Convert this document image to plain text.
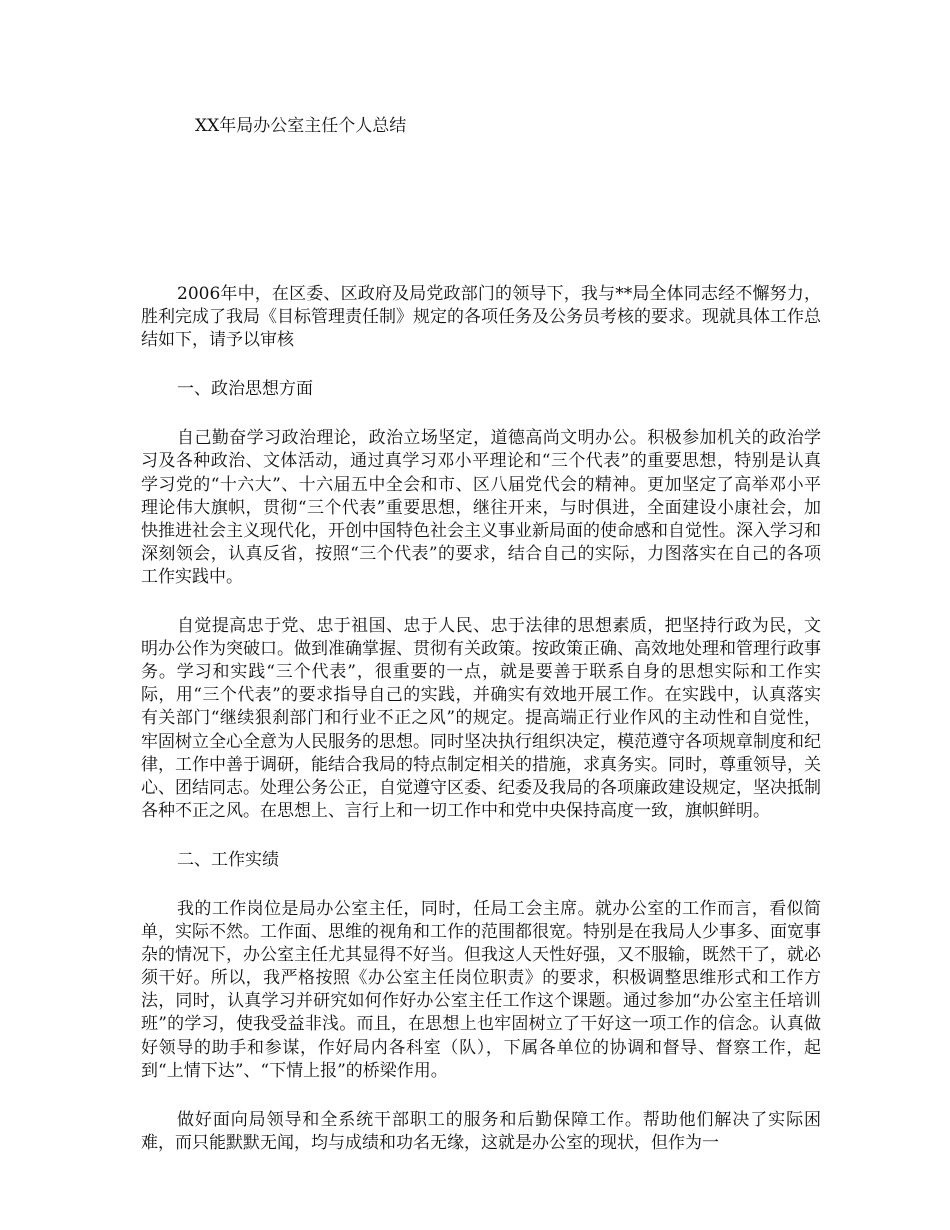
XX年局办公室主任个人总结

2006年中，在区委、区政府及局党政部门的领导下，我与**局全体同志经不懈努力，胜利完成了我局《目标管理责任制》规定的各项任务及公务员考核的要求。现就具体工作总结如下，请予以审核

一、政治思想方面

自己勤奋学习政治理论，政治立场坚定，道德高尚文明办公。积极参加机关的政治学习及各种政治、文体活动，通过真学习邓小平理论和“三个代表”的重要思想，特别是认真学习党的“十六大”、十六届五中全会和市、区八届党代会的精神。更加坚定了高举邓小平理论伟大旗帜，贯彻“三个代表”重要思想，继往开来，与时俱进，全面建设小康社会，加快推进社会主义现代化，开创中国特色社会主义事业新局面的使命感和自觉性。深入学习和深刻领会，认真反省，按照“三个代表”的要求，结合自己的实际，力图落实在自己的各项工作实践中。

自觉提高忠于党、忠于祖国、忠于人民、忠于法律的思想素质，把坚持行政为民，文明办公作为突破口。做到准确掌握、贯彻有关政策。按政策正确、高效地处理和管理行政事务。学习和实践“三个代表”，很重要的一点，就是要善于联系自身的思想实际和工作实际，用“三个代表”的要求指导自己的实践，并确实有效地开展工作。在实践中，认真落实有关部门“继续狠刹部门和行业不正之风”的规定。提高端正行业作风的主动性和自觉性，牢固树立全心全意为人民服务的思想。同时坚决执行组织决定，模范遵守各项规章制度和纪律，工作中善于调研，能结合我局的特点制定相关的措施，求真务实。同时，尊重领导，关心、团结同志。处理公务公正，自觉遵守区委、纪委及我局的各项廉政建设规定，坚决抵制各种不正之风。在思想上、言行上和一切工作中和党中央保持高度一致，旗帜鲜明。

二、工作实绩

我的工作岗位是局办公室主任，同时，任局工会主席。就办公室的工作而言，看似简单，实际不然。工作面、思维的视角和工作的范围都很宽。特别是在我局人少事多、面宽事杂的情况下，办公室主任尤其显得不好当。但我这人天性好强，又不服输，既然干了，就必须干好。所以，我严格按照《办公室主任岗位职责》的要求，积极调整思维形式和工作方法，同时，认真学习并研究如何作好办公室主任工作这个课题。通过参加“办公室主任培训班”的学习，使我受益非浅。而且，在思想上也牢固树立了干好这一项工作的信念。认真做好领导的助手和参谋，作好局内各科室（队），下属各单位的协调和督导、督察工作，起到“上情下达”、“下情上报”的桥梁作用。

做好面向局领导和全系统干部职工的服务和后勤保障工作。帮助他们解决了实际困难，而只能默默无闻，均与成绩和功名无缘，这就是办公室的现状，但作为一
